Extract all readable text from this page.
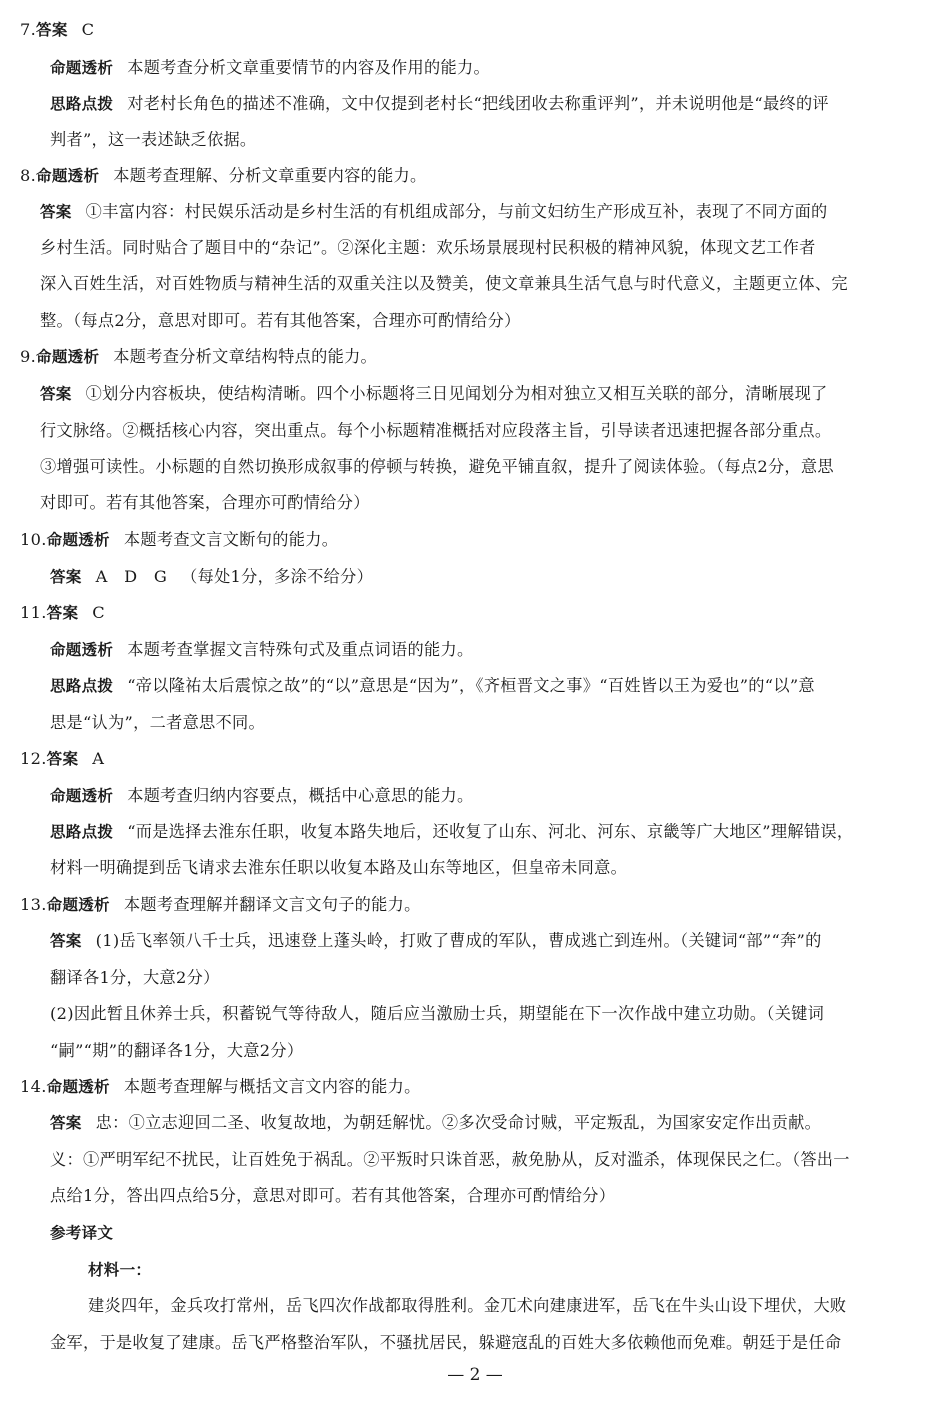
7.答案 C
命题透析 本题考查分析文章重要情节的内容及作用的能力。
思路点拨 对老村长角色的描述不准确，文中仅提到老村长“把线团收去称重评判”，并未说明他是“最终的评
判者”，这一表述缺乏依据。
8.命题透析 本题考查理解、分析文章重要内容的能力。
答案 ①丰富内容：村民娱乐活动是乡村生活的有机组成部分，与前文妇纺生产形成互补，表现了不同方面的
乡村生活。同时贴合了题目中的“杂记”。②深化主题：欢乐场景展现村民积极的精神风貌，体现文艺工作者
深入百姓生活，对百姓物质与精神生活的双重关注以及赞美，使文章兼具生活气息与时代意义，主题更立体、完
整。（每点2分，意思对即可。若有其他答案，合理亦可酌情给分）
9.命题透析 本题考查分析文章结构特点的能力。
答案 ①划分内容板块，使结构清晰。四个小标题将三日见闻划分为相对独立又相互关联的部分，清晰展现了
行文脉络。②概括核心内容，突出重点。每个小标题精准概括对应段落主旨，引导读者迅速把握各部分重点。
③增强可读性。小标题的自然切换形成叙事的停顿与转换，避免平铺直叙，提升了阅读体验。（每点2分，意思
对即可。若有其他答案，合理亦可酌情给分）
10.命题透析 本题考查文言文断句的能力。
答案 A　D　G （每处1分，多涂不给分）
11.答案 C
命题透析 本题考查掌握文言特殊句式及重点词语的能力。
思路点拨 “帝以隆祐太后震惊之故”的“以”意思是“因为”，《齐桓晋文之事》“百姓皆以王为爱也”的“以”意
思是“认为”，二者意思不同。
12.答案 A
命题透析 本题考查归纳内容要点，概括中心意思的能力。
思路点拨 “而是选择去淮东任职，收复本路失地后，还收复了山东、河北、河东、京畿等广大地区”理解错误，
材料一明确提到岳飞请求去淮东任职以收复本路及山东等地区，但皇帝未同意。
13.命题透析 本题考查理解并翻译文言文句子的能力。
答案 (1)岳飞率领八千士兵，迅速登上蓬头岭，打败了曹成的军队，曹成逃亡到连州。（关键词“部”“奔”的
翻译各1分，大意2分）
(2)因此暂且休养士兵，积蓄锐气等待敌人，随后应当激励士兵，期望能在下一次作战中建立功勋。（关键词
“嗣”“期”的翻译各1分，大意2分）
14.命题透析 本题考查理解与概括文言文内容的能力。
答案 忠：①立志迎回二圣、收复故地，为朝廷解忧。②多次受命讨贼，平定叛乱，为国家安定作出贡献。
义：①严明军纪不扰民，让百姓免于祸乱。②平叛时只诛首恶，赦免胁从，反对滥杀，体现保民之仁。（答出一
点给1分，答出四点给5分，意思对即可。若有其他答案，合理亦可酌情给分）
参考译文
材料一：
建炎四年，金兵攻打常州，岳飞四次作战都取得胜利。金兀术向建康进军，岳飞在牛头山设下埋伏，大败
金军，于是收复了建康。岳飞严格整治军队，不骚扰居民，躲避寇乱的百姓大多依赖他而免难。朝廷于是任命
— 2 —
